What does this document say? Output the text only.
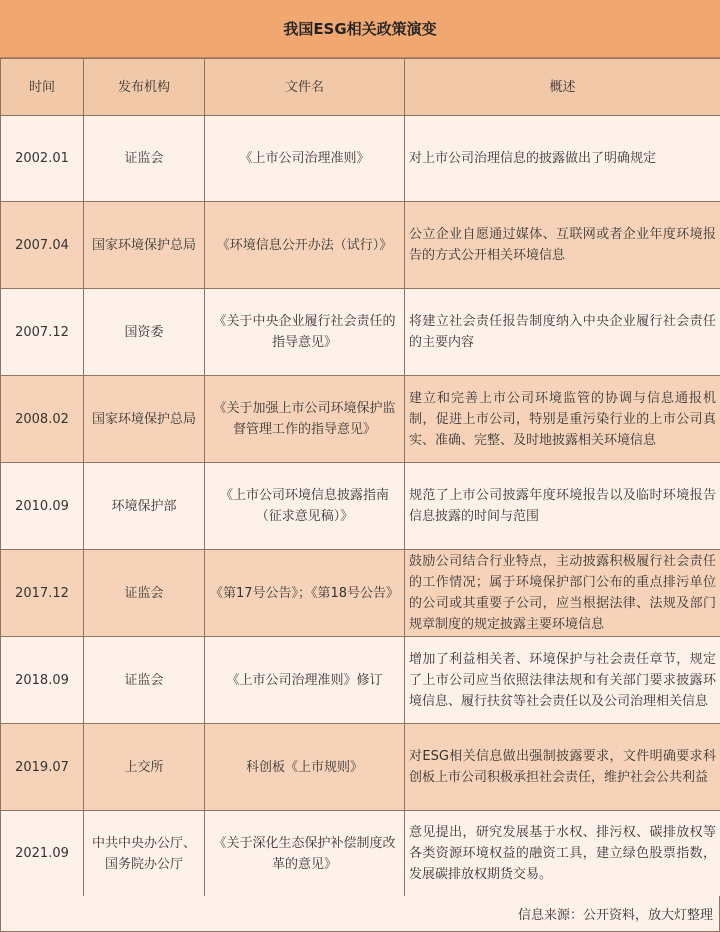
我国ESG相关政策演变
时间	发布机构	文件名	概述
2002.01	证监会	《上市公司治理准则》	对上市公司治理信息的披露做出了明确规定
2007.04	国家环境保护总局	《环境信息公开办法（试行）》	公立企业自愿通过媒体、互联网或者企业年度环境报告的方式公开相关环境信息
2007.12	国资委	《关于中央企业履行社会责任的指导意见》	将建立社会责任报告制度纳入中央企业履行社会责任的主要内容
2008.02	国家环境保护总局	《关于加强上市公司环境保护监督管理工作的指导意见》	建立和完善上市公司环境监管的协调与信息通报机制，促进上市公司，特别是重污染行业的上市公司真实、准确、完整、及时地披露相关环境信息
2010.09	环境保护部	《上市公司环境信息披露指南（征求意见稿）》	规范了上市公司披露年度环境报告以及临时环境报告信息披露的时间与范围
2017.12	证监会	《第17号公告》；《第18号公告》	鼓励公司结合行业特点，主动披露积极履行社会责任的工作情况；属于环境保护部门公布的重点排污单位的公司或其重要子公司，应当根据法律、法规及部门规章制度的规定披露主要环境信息
2018.09	证监会	《上市公司治理准则》修订	增加了利益相关者、环境保护与社会责任章节，规定了上市公司应当依照法律法规和有关部门要求披露环境信息、履行扶贫等社会责任以及公司治理相关信息
2019.07	上交所	科创板《上市规则》	对ESG相关信息做出强制披露要求，文件明确要求科创板上市公司积极承担社会责任，维护社会公共利益
2021.09	中共中央办公厅、国务院办公厅	《关于深化生态保护补偿制度改革的意见》	意见提出，研究发展基于水权、排污权、碳排放权等各类资源环境权益的融资工具，建立绿色股票指数，发展碳排放权期货交易。
信息来源：公开资料，放大灯整理
